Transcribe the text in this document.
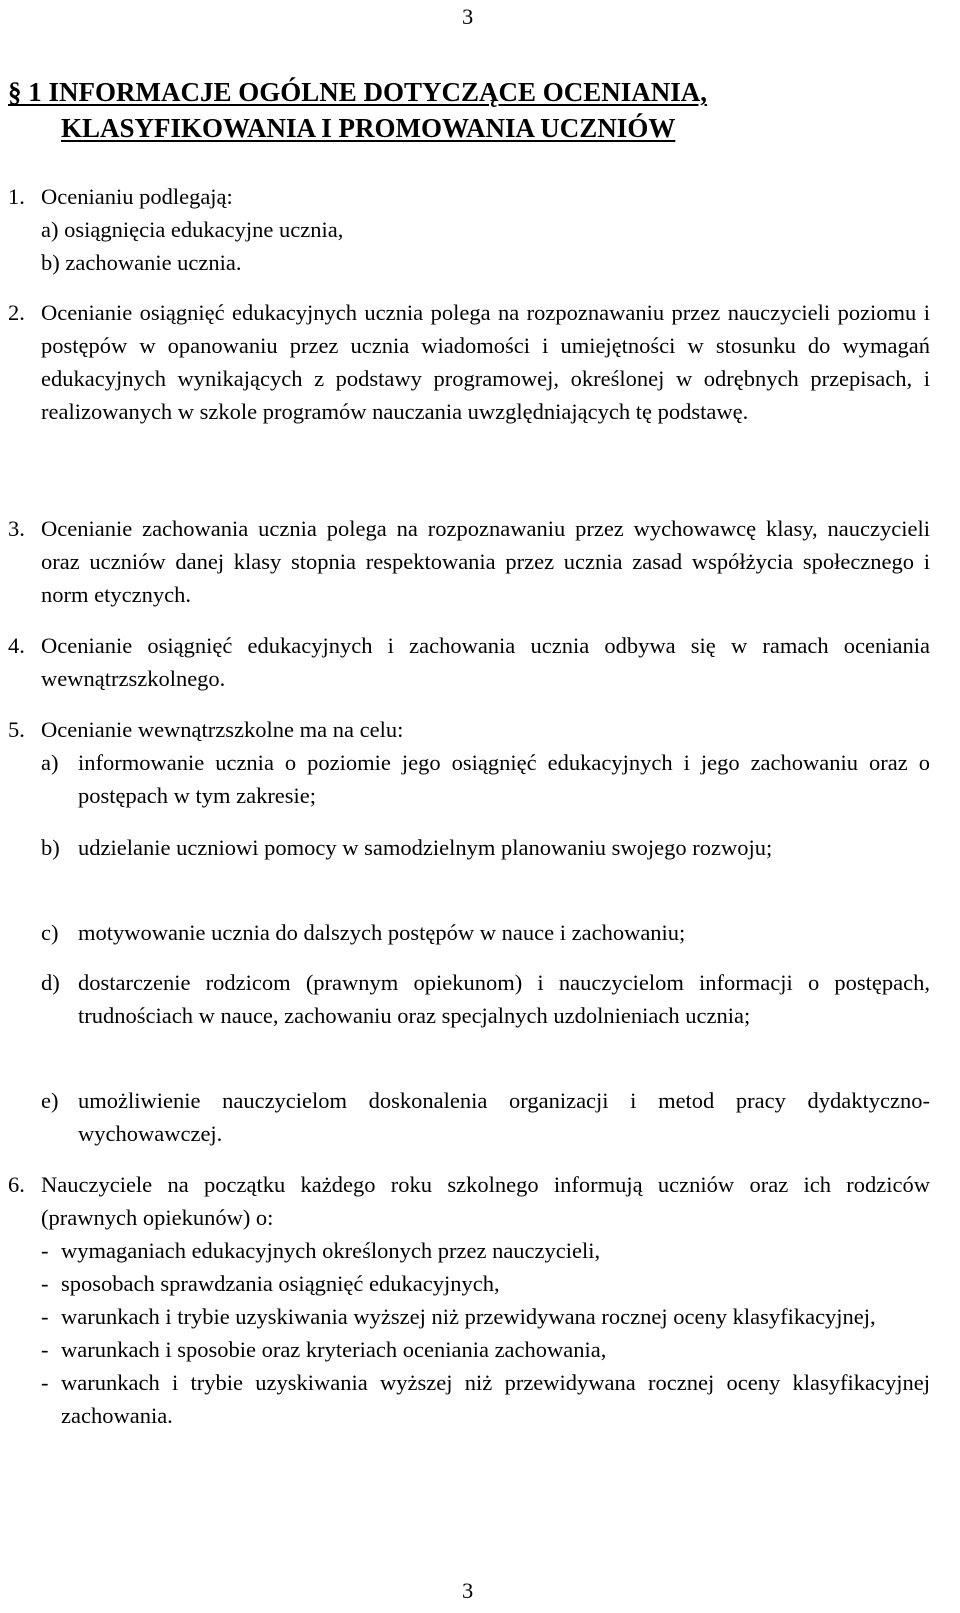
3
§ 1 INFORMACJE OGÓLNE DOTYCZĄCE OCENIANIA,
KLASYFIKOWANIA I PROMOWANIA UCZNIÓW
1. Ocenianiu podlegają:
a) osiągnięcia edukacyjne ucznia,
b) zachowanie ucznia.
2. Ocenianie osiągnięć edukacyjnych ucznia polega na rozpoznawaniu przez nauczycieli poziomu i postępów w opanowaniu przez ucznia wiadomości i umiejętności w stosunku do wymagań edukacyjnych wynikających z podstawy programowej, określonej w odrębnych przepisach, i realizowanych w szkole programów nauczania uwzględniających tę podstawę.
3. Ocenianie zachowania ucznia polega na rozpoznawaniu przez wychowawcę klasy, nauczycieli oraz uczniów danej klasy stopnia respektowania przez ucznia zasad współżycia społecznego i norm etycznych.
4. Ocenianie osiągnięć edukacyjnych i zachowania ucznia odbywa się w ramach oceniania wewnątrzszkolnego.
5. Ocenianie wewnątrzszkolne ma na celu:
a) informowanie ucznia o poziomie jego osiągnięć edukacyjnych i jego zachowaniu oraz o postępach w tym zakresie;
b) udzielanie uczniowi pomocy w samodzielnym planowaniu swojego rozwoju;
c) motywowanie ucznia do dalszych postępów w nauce i zachowaniu;
d) dostarczenie rodzicom (prawnym opiekunom) i nauczycielom informacji o postępach, trudnościach w nauce, zachowaniu oraz specjalnych uzdolnieniach ucznia;
e) umożliwienie nauczycielom doskonalenia organizacji i metod pracy dydaktyczno-wychowawczej.
6. Nauczyciele na początku każdego roku szkolnego informują uczniów oraz ich rodziców (prawnych opiekunów) o:
- wymaganiach edukacyjnych określonych przez nauczycieli,
- sposobach sprawdzania osiągnięć edukacyjnych,
- warunkach i trybie uzyskiwania wyższej niż przewidywana rocznej oceny klasyfikacyjnej,
- warunkach i sposobie oraz kryteriach oceniania zachowania,
- warunkach i trybie uzyskiwania wyższej niż przewidywana rocznej oceny klasyfikacyjnej zachowania.
3
